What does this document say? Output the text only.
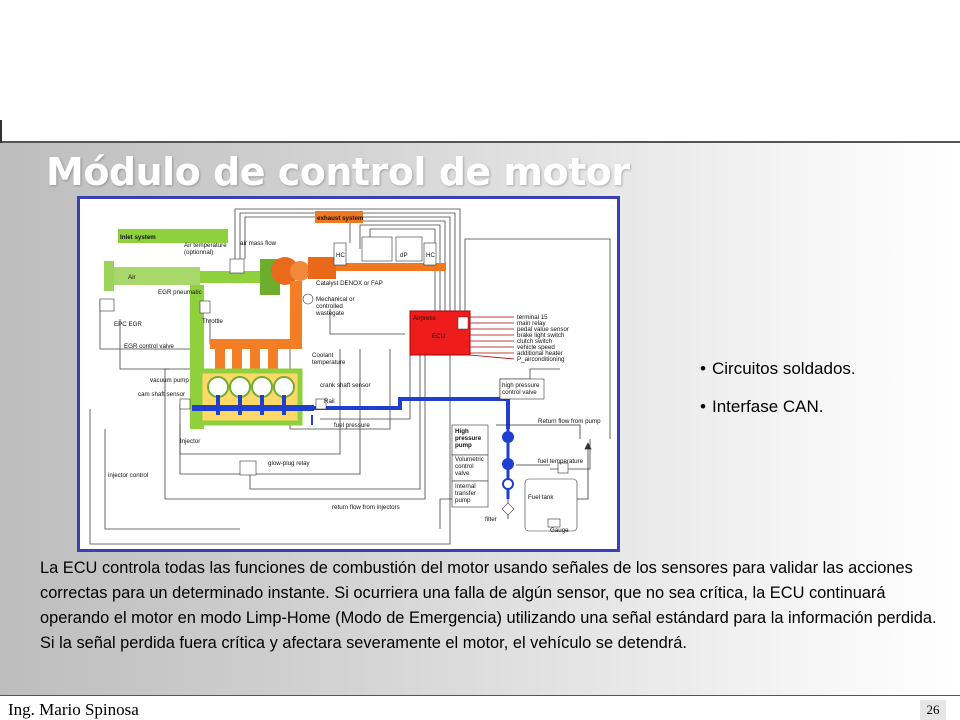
Módulo de control de motor
Inlet system
Air
exhaust system
HC	dP	HC
Catalyst DENOX or FAP
Mechanical or
controlled
wastegate
Airpress
ECU
terminal 15
main relay
pedal value sensor
brake light switch
clutch switch
vehicle speed
additional heater
P_airconditioning
Air temperature
(optionnal)
air mass flow
EGR pneumatic
EPC EGR	Throttle
EGR control valve
Coolant
temperature
vacuum pump
cam shaft sensor
crank shaft sensor
Rail
fuel pressure
Injector
glow-plug relay
injector control
return flow from injectors
high pressure
control valve
High
pressure
pump
Volumetric
control
valve
Internal
transfer
pump
filter
Return flow from pump
fuel temperature
Fuel tank
Gauge
• Circuitos soldados.
• Interfase CAN.

La ECU controla todas las funciones de combustión del motor usando señales de los sensores para validar las acciones correctas para un determinado instante. Si ocurriera una falla de algún sensor, que no sea crítica, la ECU continuará operando el motor en modo Limp-Home (Modo de Emergencia) utilizando una señal estándard para la información perdida. Si la señal perdida fuera crítica y afectara severamente el motor, el vehículo se detendrá.

Ing. Mario Spinosa	26
